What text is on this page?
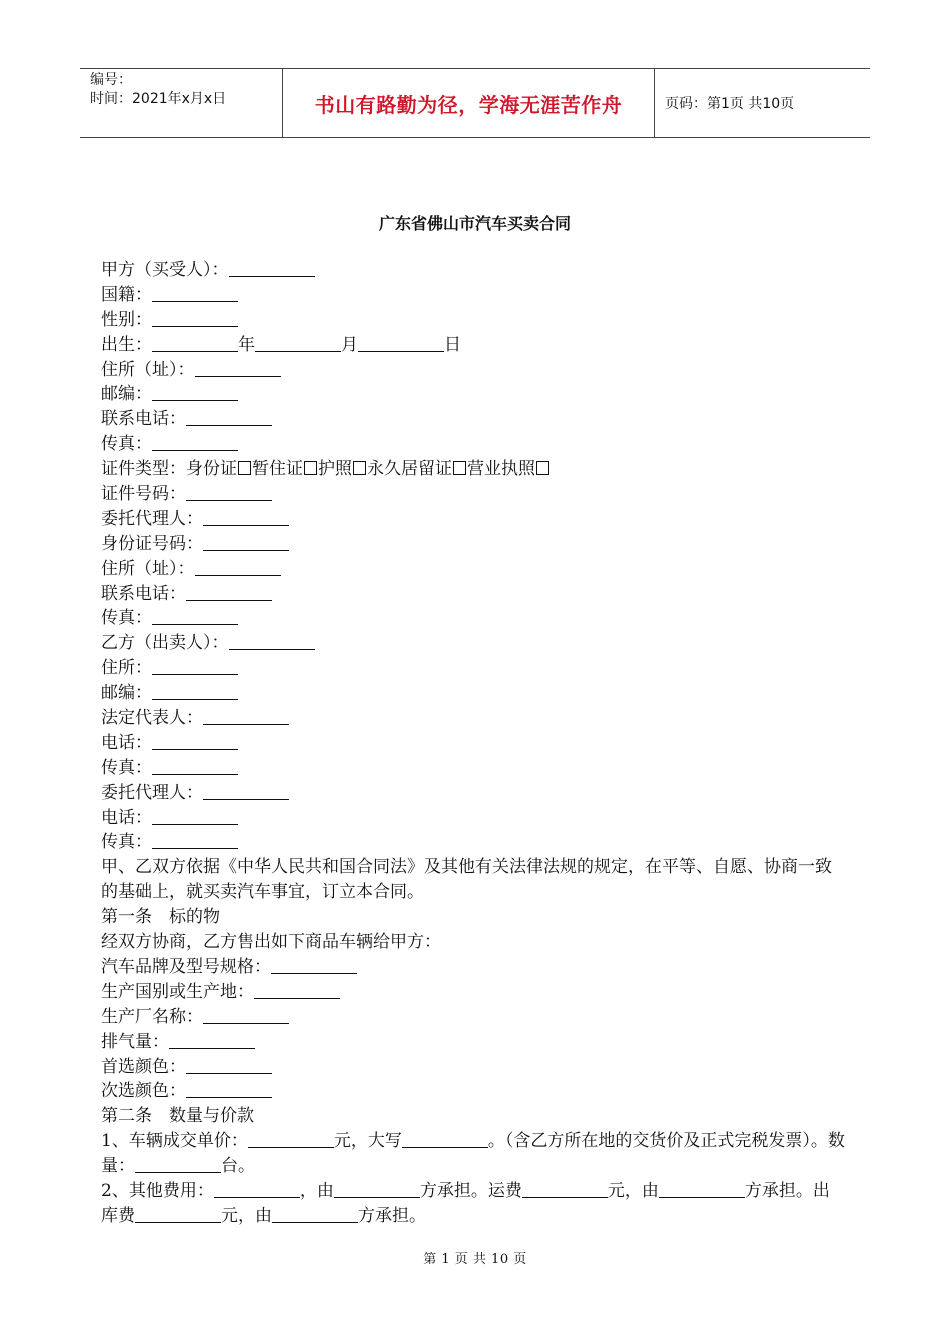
编号：
时间：2021年x月x日	书山有路勤为径，学海无涯苦作舟	页码：第1页 共10页
广东省佛山市汽车买卖合同
甲方（买受人）：
国籍：
性别：
出生：	年	月	日
住所（址）：
邮编：
联系电话：
传真：
证件类型：身份证 暂住证 护照 永久居留证 营业执照
证件号码：
委托代理人：
身份证号码：
住所（址）：
联系电话：
传真：
乙方（出卖人）：
住所：
邮编：
法定代表人：
电话：
传真：
委托代理人：
电话：
传真：
甲、乙双方依据《中华人民共和国合同法》及其他有关法律法规的规定，在平等、自愿、协商一致的基础上，就买卖汽车事宜，订立本合同。
第一条　标的物
经双方协商，乙方售出如下商品车辆给甲方：
汽车品牌及型号规格：
生产国别或生产地：
生产厂名称：
排气量：
首选颜色：
次选颜色：
第二条　数量与价款
1、车辆成交单价：	元，大写	。（含乙方所在地的交货价及正式完税发票）。数量：	台。
2、其他费用：	，由	方承担。运费	元，由	方承担。出库费	元，由	方承担。
第 1 页 共 10 页
